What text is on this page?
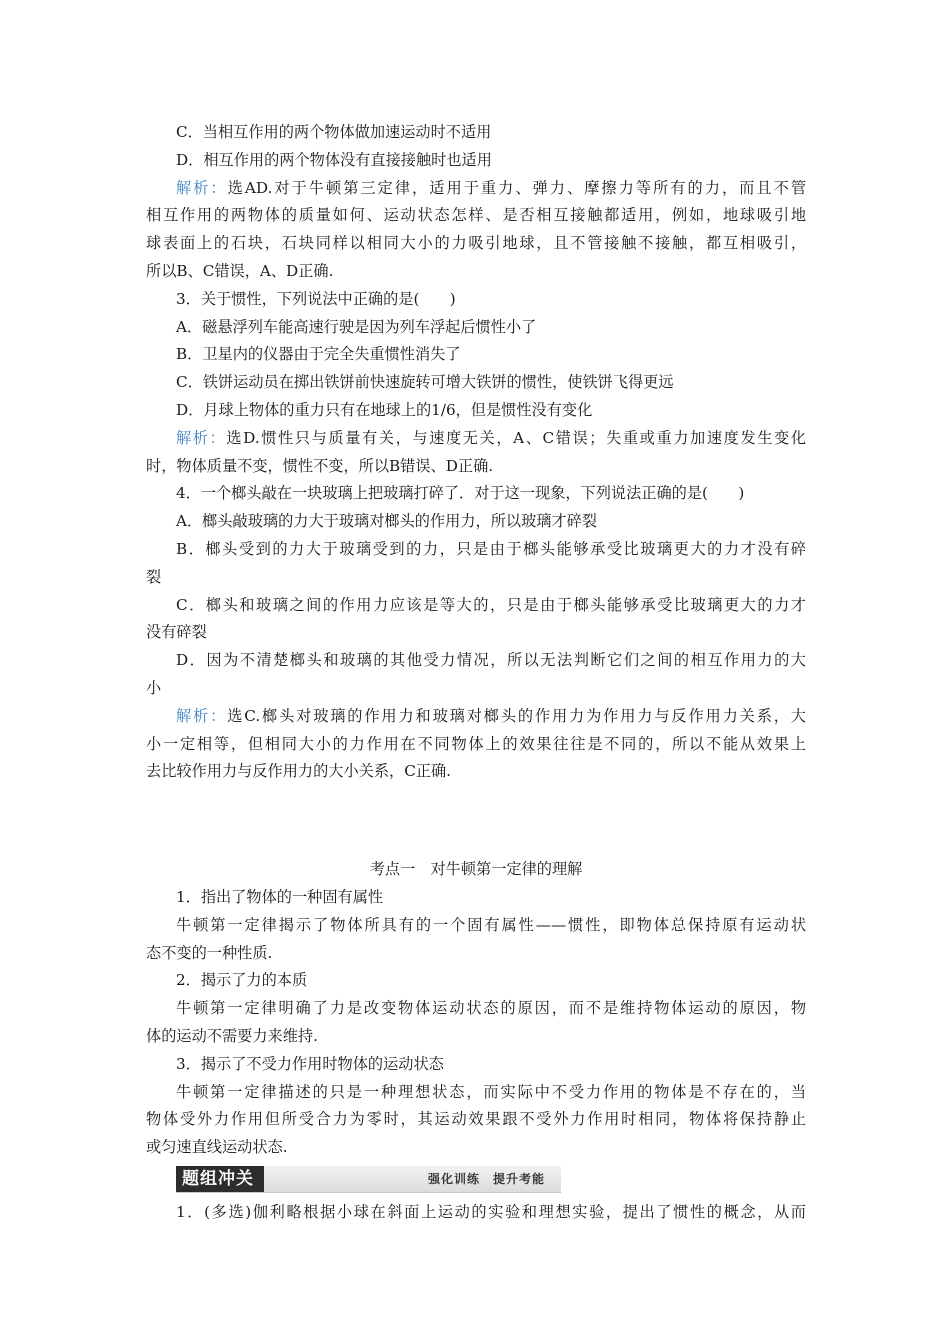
C．当相互作用的两个物体做加速运动时不适用
D．相互作用的两个物体没有直接接触时也适用
解析：选AD.对于牛顿第三定律，适用于重力、弹力、摩擦力等所有的力，而且不管
相互作用的两物体的质量如何、运动状态怎样、是否相互接触都适用，例如，地球吸引地
球表面上的石块，石块同样以相同大小的力吸引地球，且不管接触不接触，都互相吸引，
所以B、C错误，A、D正确.
3．关于惯性，下列说法中正确的是(　　)
A．磁悬浮列车能高速行驶是因为列车浮起后惯性小了
B．卫星内的仪器由于完全失重惯性消失了
C．铁饼运动员在掷出铁饼前快速旋转可增大铁饼的惯性，使铁饼飞得更远
D．月球上物体的重力只有在地球上的1/6，但是惯性没有变化
解析：选D.惯性只与质量有关，与速度无关，A、C错误；失重或重力加速度发生变化
时，物体质量不变，惯性不变，所以B错误、D正确.
4．一个榔头敲在一块玻璃上把玻璃打碎了．对于这一现象，下列说法正确的是(　　)
A．榔头敲玻璃的力大于玻璃对榔头的作用力，所以玻璃才碎裂
B．榔头受到的力大于玻璃受到的力，只是由于榔头能够承受比玻璃更大的力才没有碎
裂
C．榔头和玻璃之间的作用力应该是等大的，只是由于榔头能够承受比玻璃更大的力才
没有碎裂
D．因为不清楚榔头和玻璃的其他受力情况，所以无法判断它们之间的相互作用力的大
小
解析：选C.榔头对玻璃的作用力和玻璃对榔头的作用力为作用力与反作用力关系，大
小一定相等，但相同大小的力作用在不同物体上的效果往往是不同的，所以不能从效果上
去比较作用力与反作用力的大小关系，C正确.
考点一　对牛顿第一定律的理解
1．指出了物体的一种固有属性
牛顿第一定律揭示了物体所具有的一个固有属性——惯性，即物体总保持原有运动状
态不变的一种性质.
2．揭示了力的本质
牛顿第一定律明确了力是改变物体运动状态的原因，而不是维持物体运动的原因，物
体的运动不需要力来维持.
3．揭示了不受力作用时物体的运动状态
牛顿第一定律描述的只是一种理想状态，而实际中不受力作用的物体是不存在的，当
物体受外力作用但所受合力为零时，其运动效果跟不受外力作用时相同，物体将保持静止
或匀速直线运动状态.
题组冲关	强化训练　提升考能
1．(多选)伽利略根据小球在斜面上运动的实验和理想实验，提出了惯性的概念，从而
